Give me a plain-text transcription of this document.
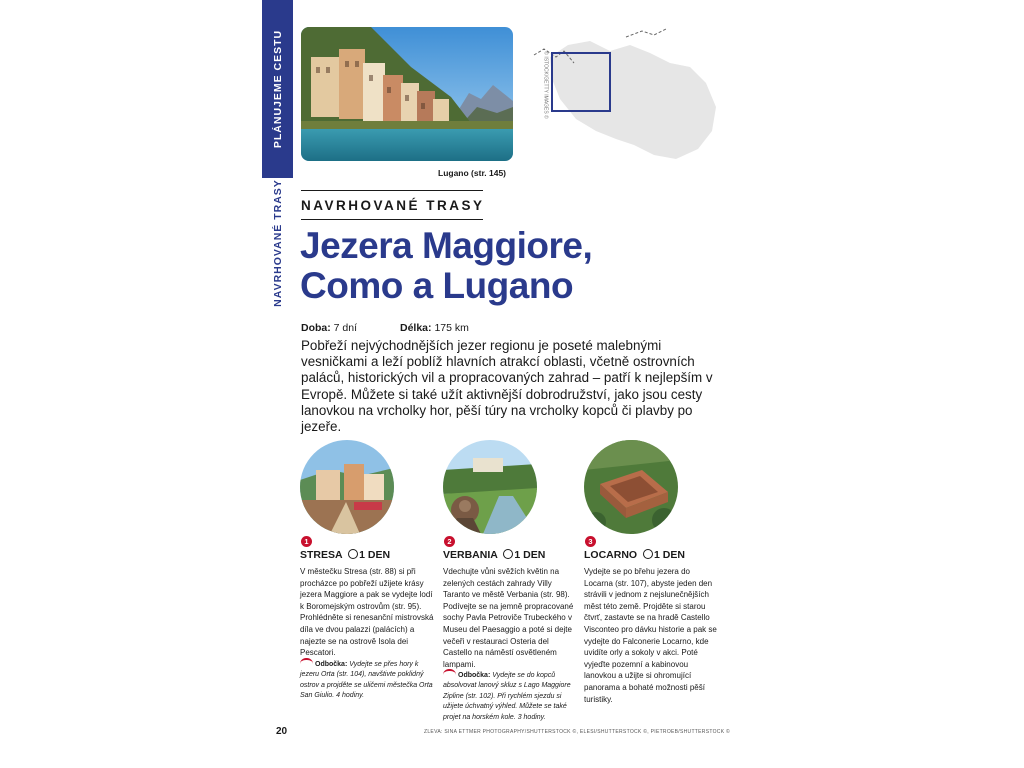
PLÁNUJEME CESTU
NAVRHOVANÉ TRASY
© ISTOCK/GETTY IMAGES ©
Lugano (str. 145)
NAVRHOVANÉ TRASY
Jezera Maggiore,
Como a Lugano
Doba: 7 dní	Délka: 175 km
Pobřeží nejvýchodnějších jezer regionu je poseté malebnými vesničkami a leží poblíž hlavních atrakcí oblasti, včetně ostrovních paláců, historických vil a propracovaných zahrad – patří k nejlepším v Evropě. Můžete si také užít aktivnější dobrodružství, jako jsou cesty lanovkou na vrcholky hor, pěší túry na vrcholky kopců či plavby po jezeře.
1
STRESA 1 DEN
V městečku Stresa (str. 88) si při procházce po pobřeží užijete krásy jezera Maggiore a pak se vydejte lodí k Boromejským ostrovům (str. 95). Prohlédněte si renesanční mistrovská díla ve dvou palazzi (palácích) a najezte se na ostrově Isola dei Pescatori.
Odbočka: Vydejte se přes hory k jezeru Orta (str. 104), navštivte poklidný ostrov a projděte se uličemi městečka Orta San Giulio. 4 hodiny.
2
VERBANIA 1 DEN
Vdechujte vůni svěžích květin na zelených cestách zahrady Villy Taranto ve městě Verbania (str. 98). Podívejte se na jemně propracované sochy Pavla Petroviče Trubeckého v Museu del Paesaggio a poté si dejte večeři v restauraci Osteria del Castello na náměstí osvětleném lampami.
Odbočka: Vydejte se do kopců absolvovat lanový skluz s Lago Maggiore Zipline (str. 102). Při rychlém sjezdu si užijete úchvatný výhled. Můžete se také projet na horském kole. 3 hodiny.
3
LOCARNO 1 DEN
Vydejte se po břehu jezera do Locarna (str. 107), abyste jeden den strávili v jednom z nejslunečnějších měst této země. Projděte si starou čtvrť, zastavte se na hradě Castello Visconteo pro dávku historie a pak se vydejte do Falconerie Locarno, kde uvidíte orly a sokoly v akci. Poté vyjeďte pozemní a kabinovou lanovkou a užijte si ohromující panorama a bohaté možnosti pěší turistiky.
20	ZLEVA: SINA ETTMER PHOTOGRAPHY/SHUTTERSTOCK ©, ELESI/SHUTTERSTOCK ©, PIETROEB/SHUTTERSTOCK ©
